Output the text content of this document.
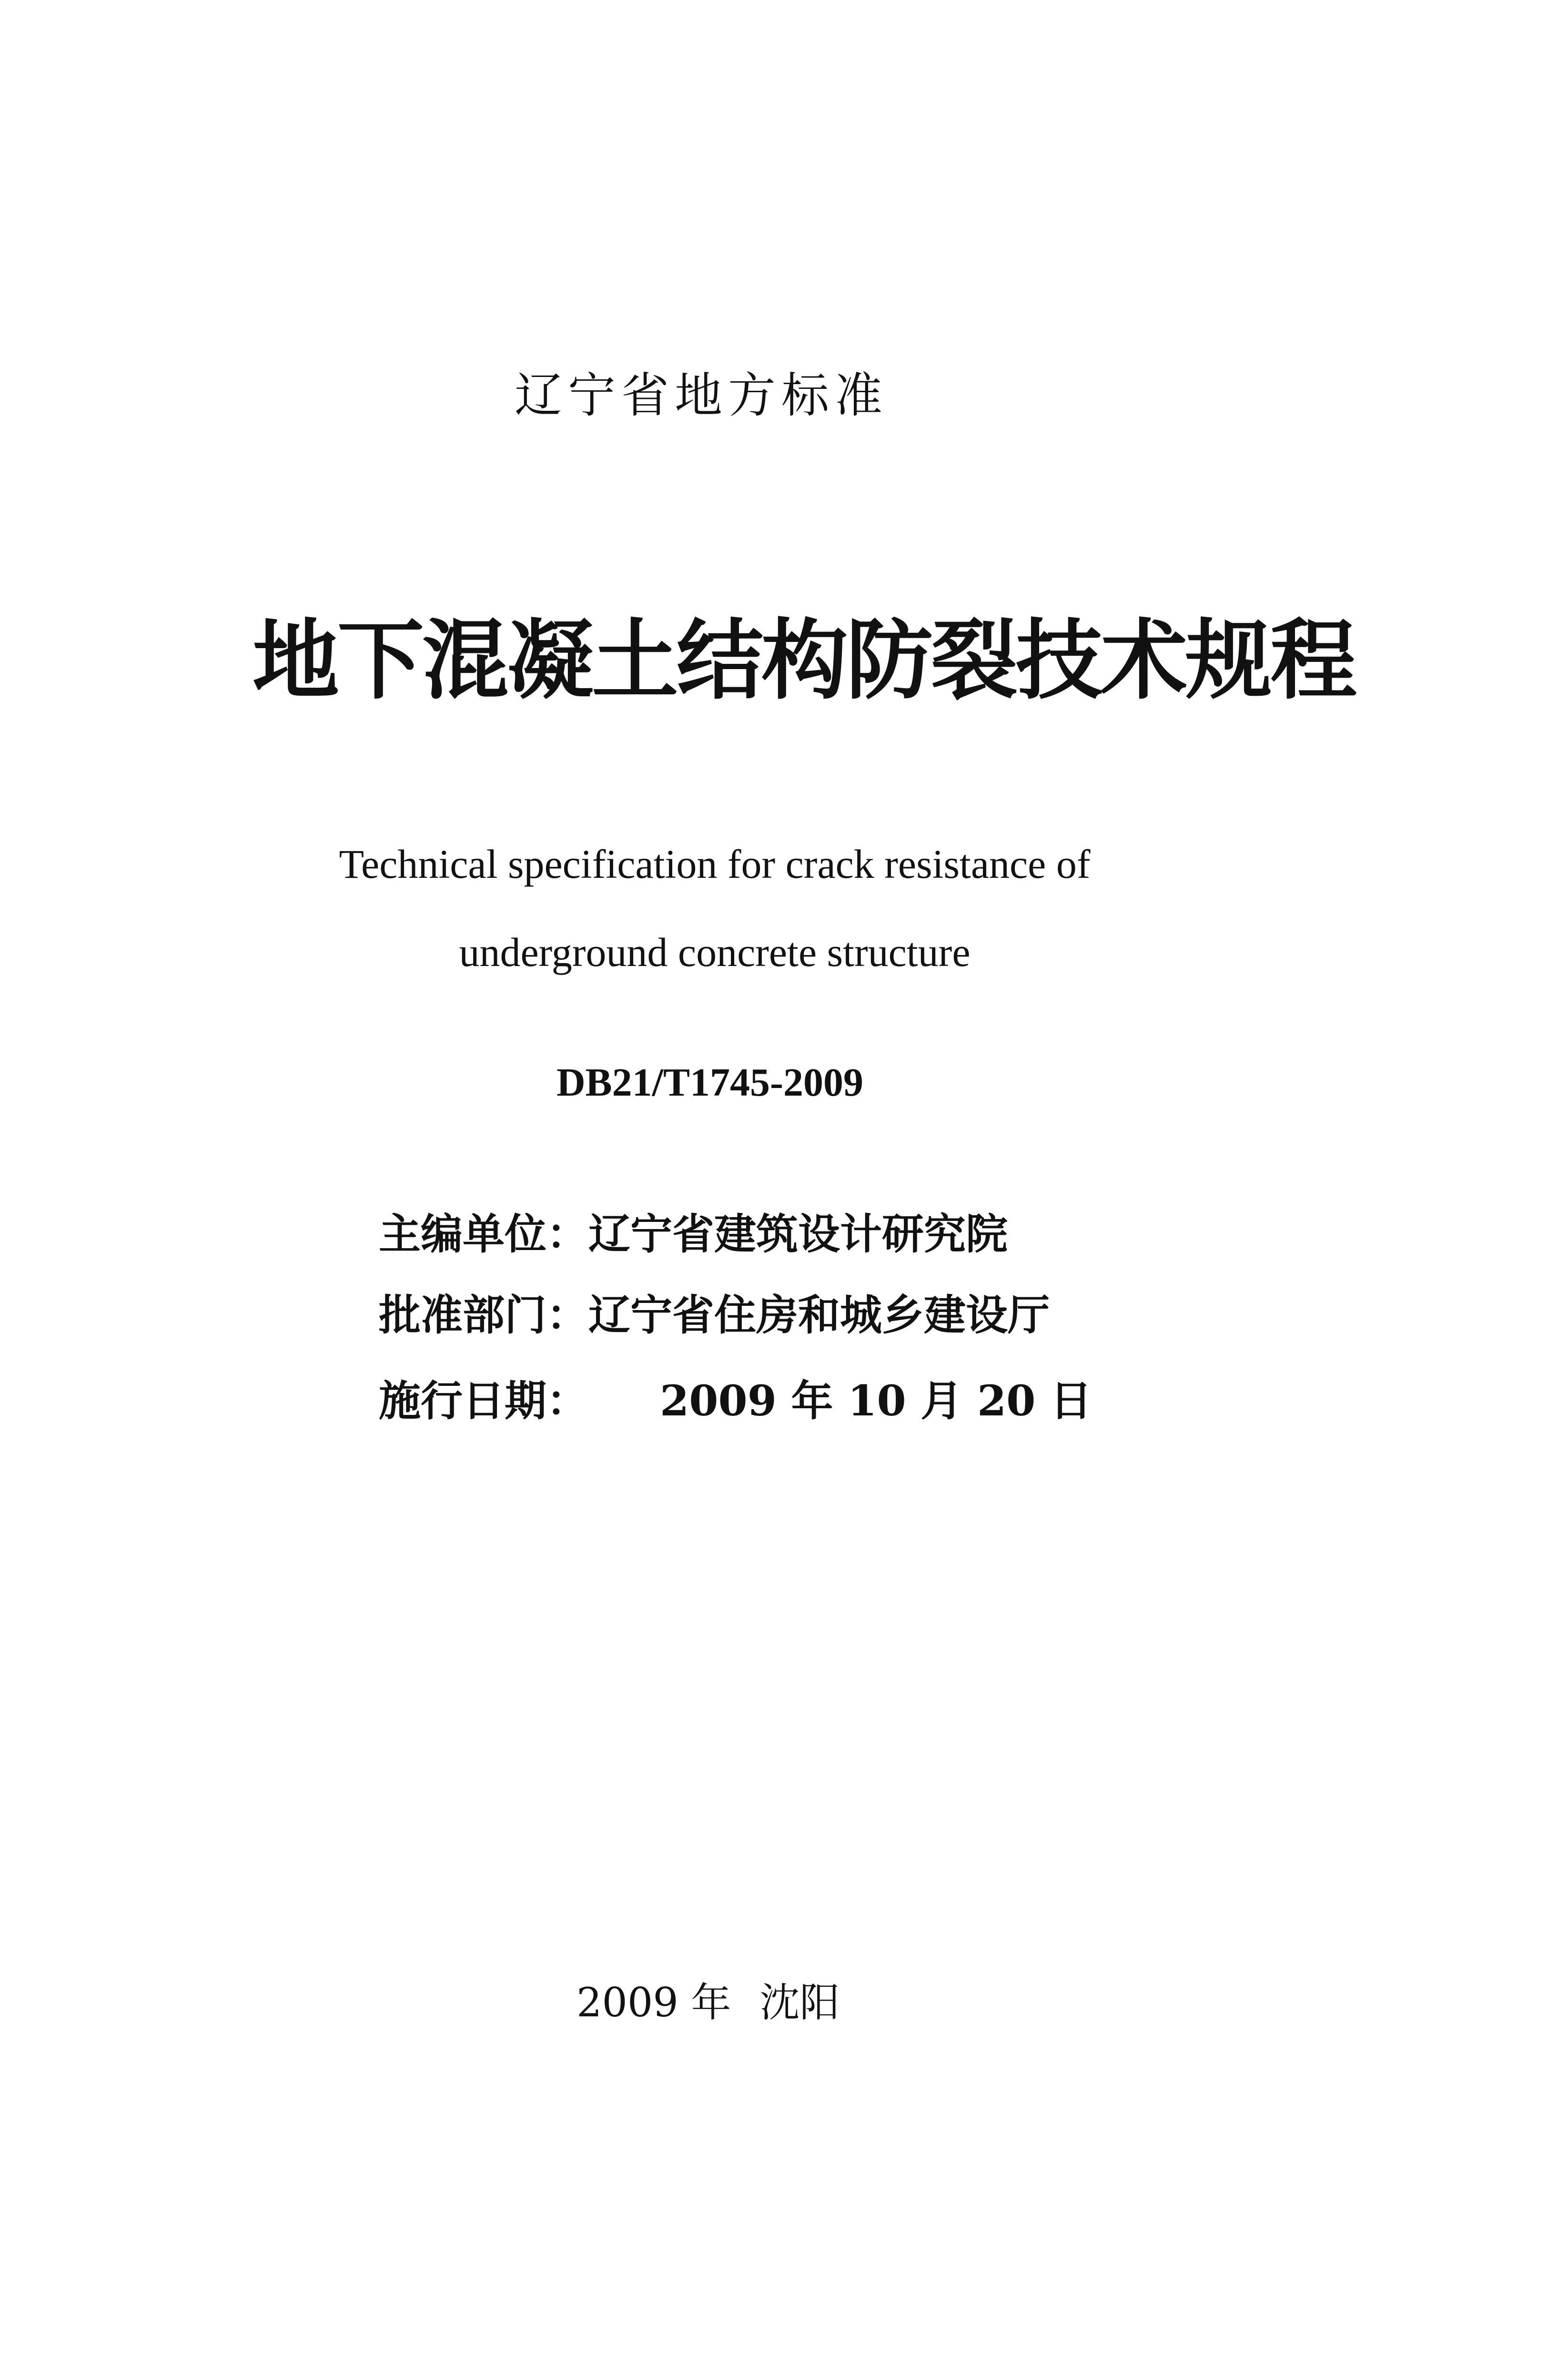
辽宁省地方标准
地下混凝土结构防裂技术规程
Technical specification for crack resistance of
underground concrete structure
DB21/T1745-2009
主编单位：辽宁省建筑设计研究院
批准部门：辽宁省住房和城乡建设厅
施行日期： 2009 年 10 月 20 日
2009 年 沈阳
